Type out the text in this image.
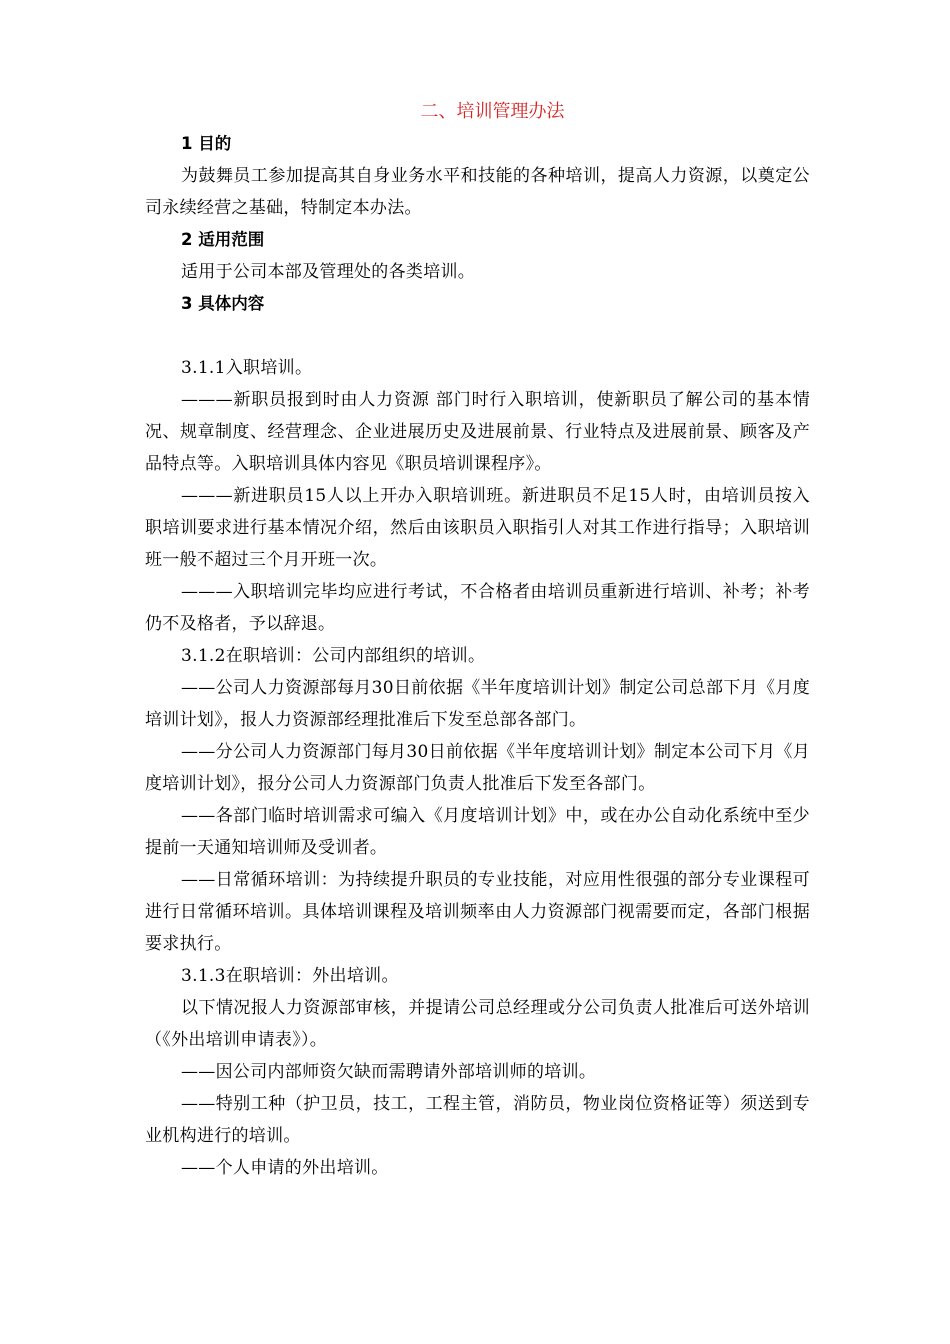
二、培训管理办法
1 目的

为鼓舞员工参加提高其自身业务水平和技能的各种培训，提高人力资源，以奠定公司永续经营之基础，特制定本办法。

2 适用范围

适用于公司本部及管理处的各类培训。

3 具体内容

3.1.1入职培训。

———新职员报到时由人力资源 部门时行入职培训，使新职员了解公司的基本情况、规章制度、经营理念、企业进展历史及进展前景、行业特点及进展前景、顾客及产品特点等。入职培训具体内容见《职员培训课程序》。

———新进职员15人以上开办入职培训班。新进职员不足15人时，由培训员按入职培训要求进行基本情况介绍，然后由该职员入职指引人对其工作进行指导；入职培训班一般不超过三个月开班一次。

———入职培训完毕均应进行考试，不合格者由培训员重新进行培训、补考；补考仍不及格者，予以辞退。

3.1.2在职培训：公司内部组织的培训。

——公司人力资源部每月30日前依据《半年度培训计划》制定公司总部下月《月度培训计划》，报人力资源部经理批准后下发至总部各部门。

——分公司人力资源部门每月30日前依据《半年度培训计划》制定本公司下月《月度培训计划》，报分公司人力资源部门负责人批准后下发至各部门。

——各部门临时培训需求可编入《月度培训计划》中，或在办公自动化系统中至少提前一天通知培训师及受训者。

——日常循环培训：为持续提升职员的专业技能，对应用性很强的部分专业课程可进行日常循环培训。具体培训课程及培训频率由人力资源部门视需要而定，各部门根据要求执行。

3.1.3在职培训：外出培训。

以下情况报人力资源部审核，并提请公司总经理或分公司负责人批准后可送外培训（《外出培训申请表》）。

——因公司内部师资欠缺而需聘请外部培训师的培训。

——特别工种（护卫员，技工，工程主管，消防员，物业岗位资格证等）须送到专业机构进行的培训。

——个人申请的外出培训。
